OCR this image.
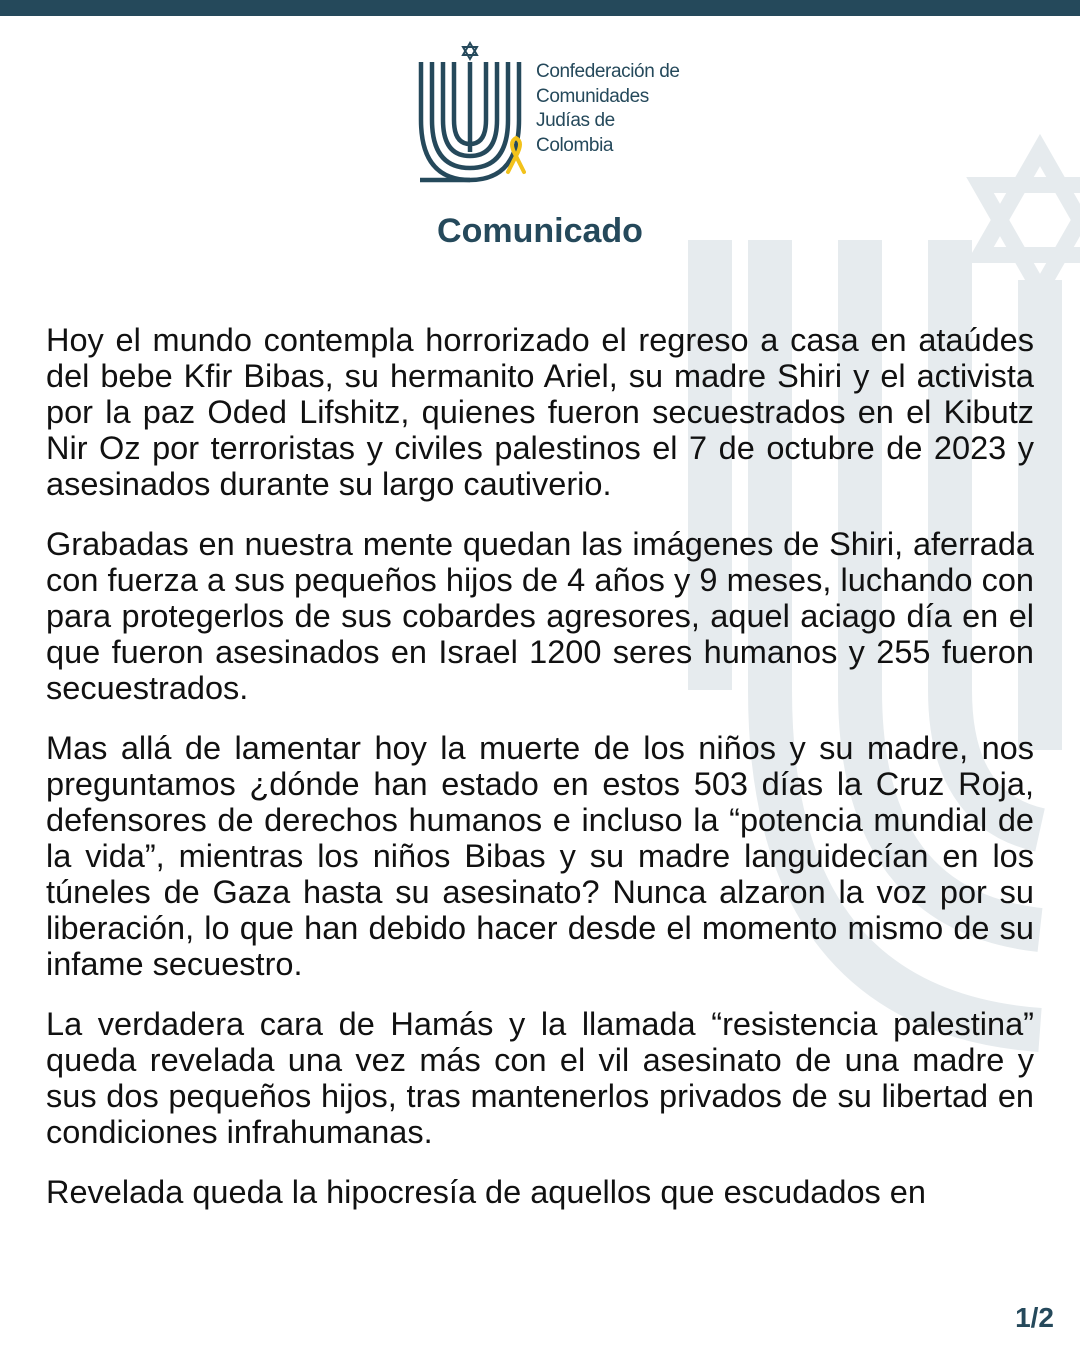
Confederación de
Comunidades
Judías de
Colombia
Comunicado

Hoy el mundo contempla horrorizado el regreso a casa en ataúdes del bebe Kfir Bibas, su hermanito Ariel, su madre Shiri y el activista por la paz Oded Lifshitz, quienes fueron secuestrados en el Kibutz Nir Oz por terroristas y civiles palestinos el 7 de octubre de 2023 y asesinados durante su largo cautiverio.

Grabadas en nuestra mente quedan las imágenes de Shiri, aferrada con fuerza a sus pequeños hijos de 4 años y 9 meses, luchando con para protegerlos de sus cobardes agresores, aquel aciago día en el que fueron asesinados en Israel 1200 seres humanos y 255 fueron secuestrados.

Mas allá de lamentar hoy la muerte de los niños y su madre, nos preguntamos ¿dónde han estado en estos 503 días la Cruz Roja, defensores de derechos humanos e incluso la “potencia mundial de la vida”, mientras los niños Bibas y su madre languidecían en los túneles de Gaza hasta su asesinato? Nunca alzaron la voz por su liberación, lo que han debido hacer desde el momento mismo de su infame secuestro.

La verdadera cara de Hamás y la llamada “resistencia palestina” queda revelada una vez más con el vil asesinato de una madre y sus dos pequeños hijos, tras mantenerlos privados de su libertad en condiciones infrahumanas.

Revelada queda la hipocresía de aquellos que escudados en

1/2
